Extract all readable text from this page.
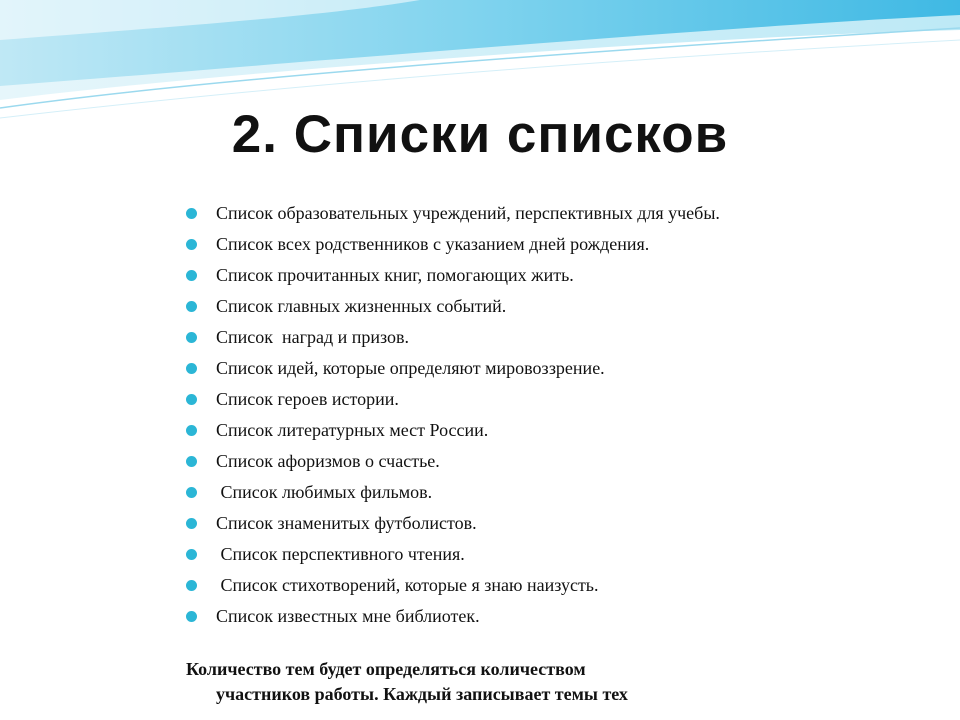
2. Списки списков
Список образовательных учреждений, перспективных для учебы.
Список всех родственников с указанием дней рождения.
Список прочитанных книг, помогающих жить.
Список главных жизненных событий.
Список  наград и призов.
Список идей, которые определяют мировоззрение.
Список героев истории.
Список литературных мест России.
Список афоризмов о счастье.
Список любимых фильмов.
Список знаменитых футболистов.
Список перспективного чтения.
Список стихотворений, которые я знаю наизусть.
Список известных мне библиотек.

Количество тем будет определяться количеством
участников работы. Каждый записывает темы тех
